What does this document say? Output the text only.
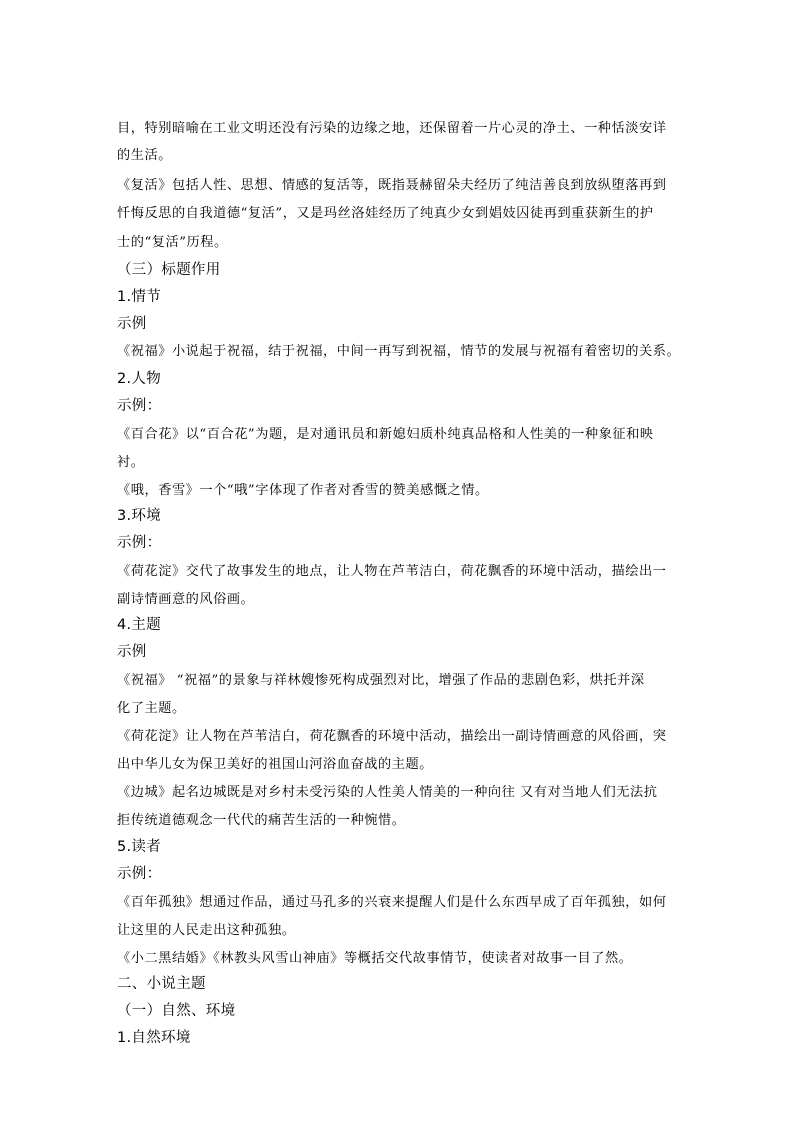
目，特别暗喻在工业文明还没有污染的边缘之地，还保留着一片心灵的净土、一种恬淡安详
的生活。
《复活》包括人性、思想、情感的复活等，既指聂赫留朵夫经历了纯洁善良到放纵堕落再到
忏悔反思的自我道德“复活”，又是玛丝洛娃经历了纯真少女到娼妓囚徒再到重获新生的护
士的“复活”历程。
（三）标题作用
1.情节
示例
《祝福》小说起于祝福，结于祝福，中间一再写到祝福，情节的发展与祝福有着密切的关系。
2.人物
示例：
《百合花》以“百合花”为题，是对通讯员和新媳妇质朴纯真品格和人性美的一种象征和映
衬。
《哦，香雪》一个“哦”字体现了作者对香雪的赞美感慨之情。
3.环境
示例：
《荷花淀》交代了故事发生的地点，让人物在芦苇洁白，荷花飘香的环境中活动，描绘出一
副诗情画意的风俗画。
4.主题
示例
《祝福》 “祝福”的景象与祥林嫂惨死构成强烈对比，增强了作品的悲剧色彩，烘托并深
化了主题。
《荷花淀》让人物在芦苇洁白，荷花飘香的环境中活动，描绘出一副诗情画意的风俗画，突
出中华儿女为保卫美好的祖国山河浴血奋战的主题。
《边城》起名边城既是对乡村未受污染的人性美人情美的一种向往 又有对当地人们无法抗
拒传统道德观念一代代的痛苦生活的一种惋惜。
5.读者
示例：
《百年孤独》想通过作品，通过马孔多的兴衰来提醒人们是什么东西早成了百年孤独，如何
让这里的人民走出这种孤独。
《小二黑结婚》《林教头风雪山神庙》等概括交代故事情节，使读者对故事一目了然。
二、小说主题
（一）自然、环境
1.自然环境
